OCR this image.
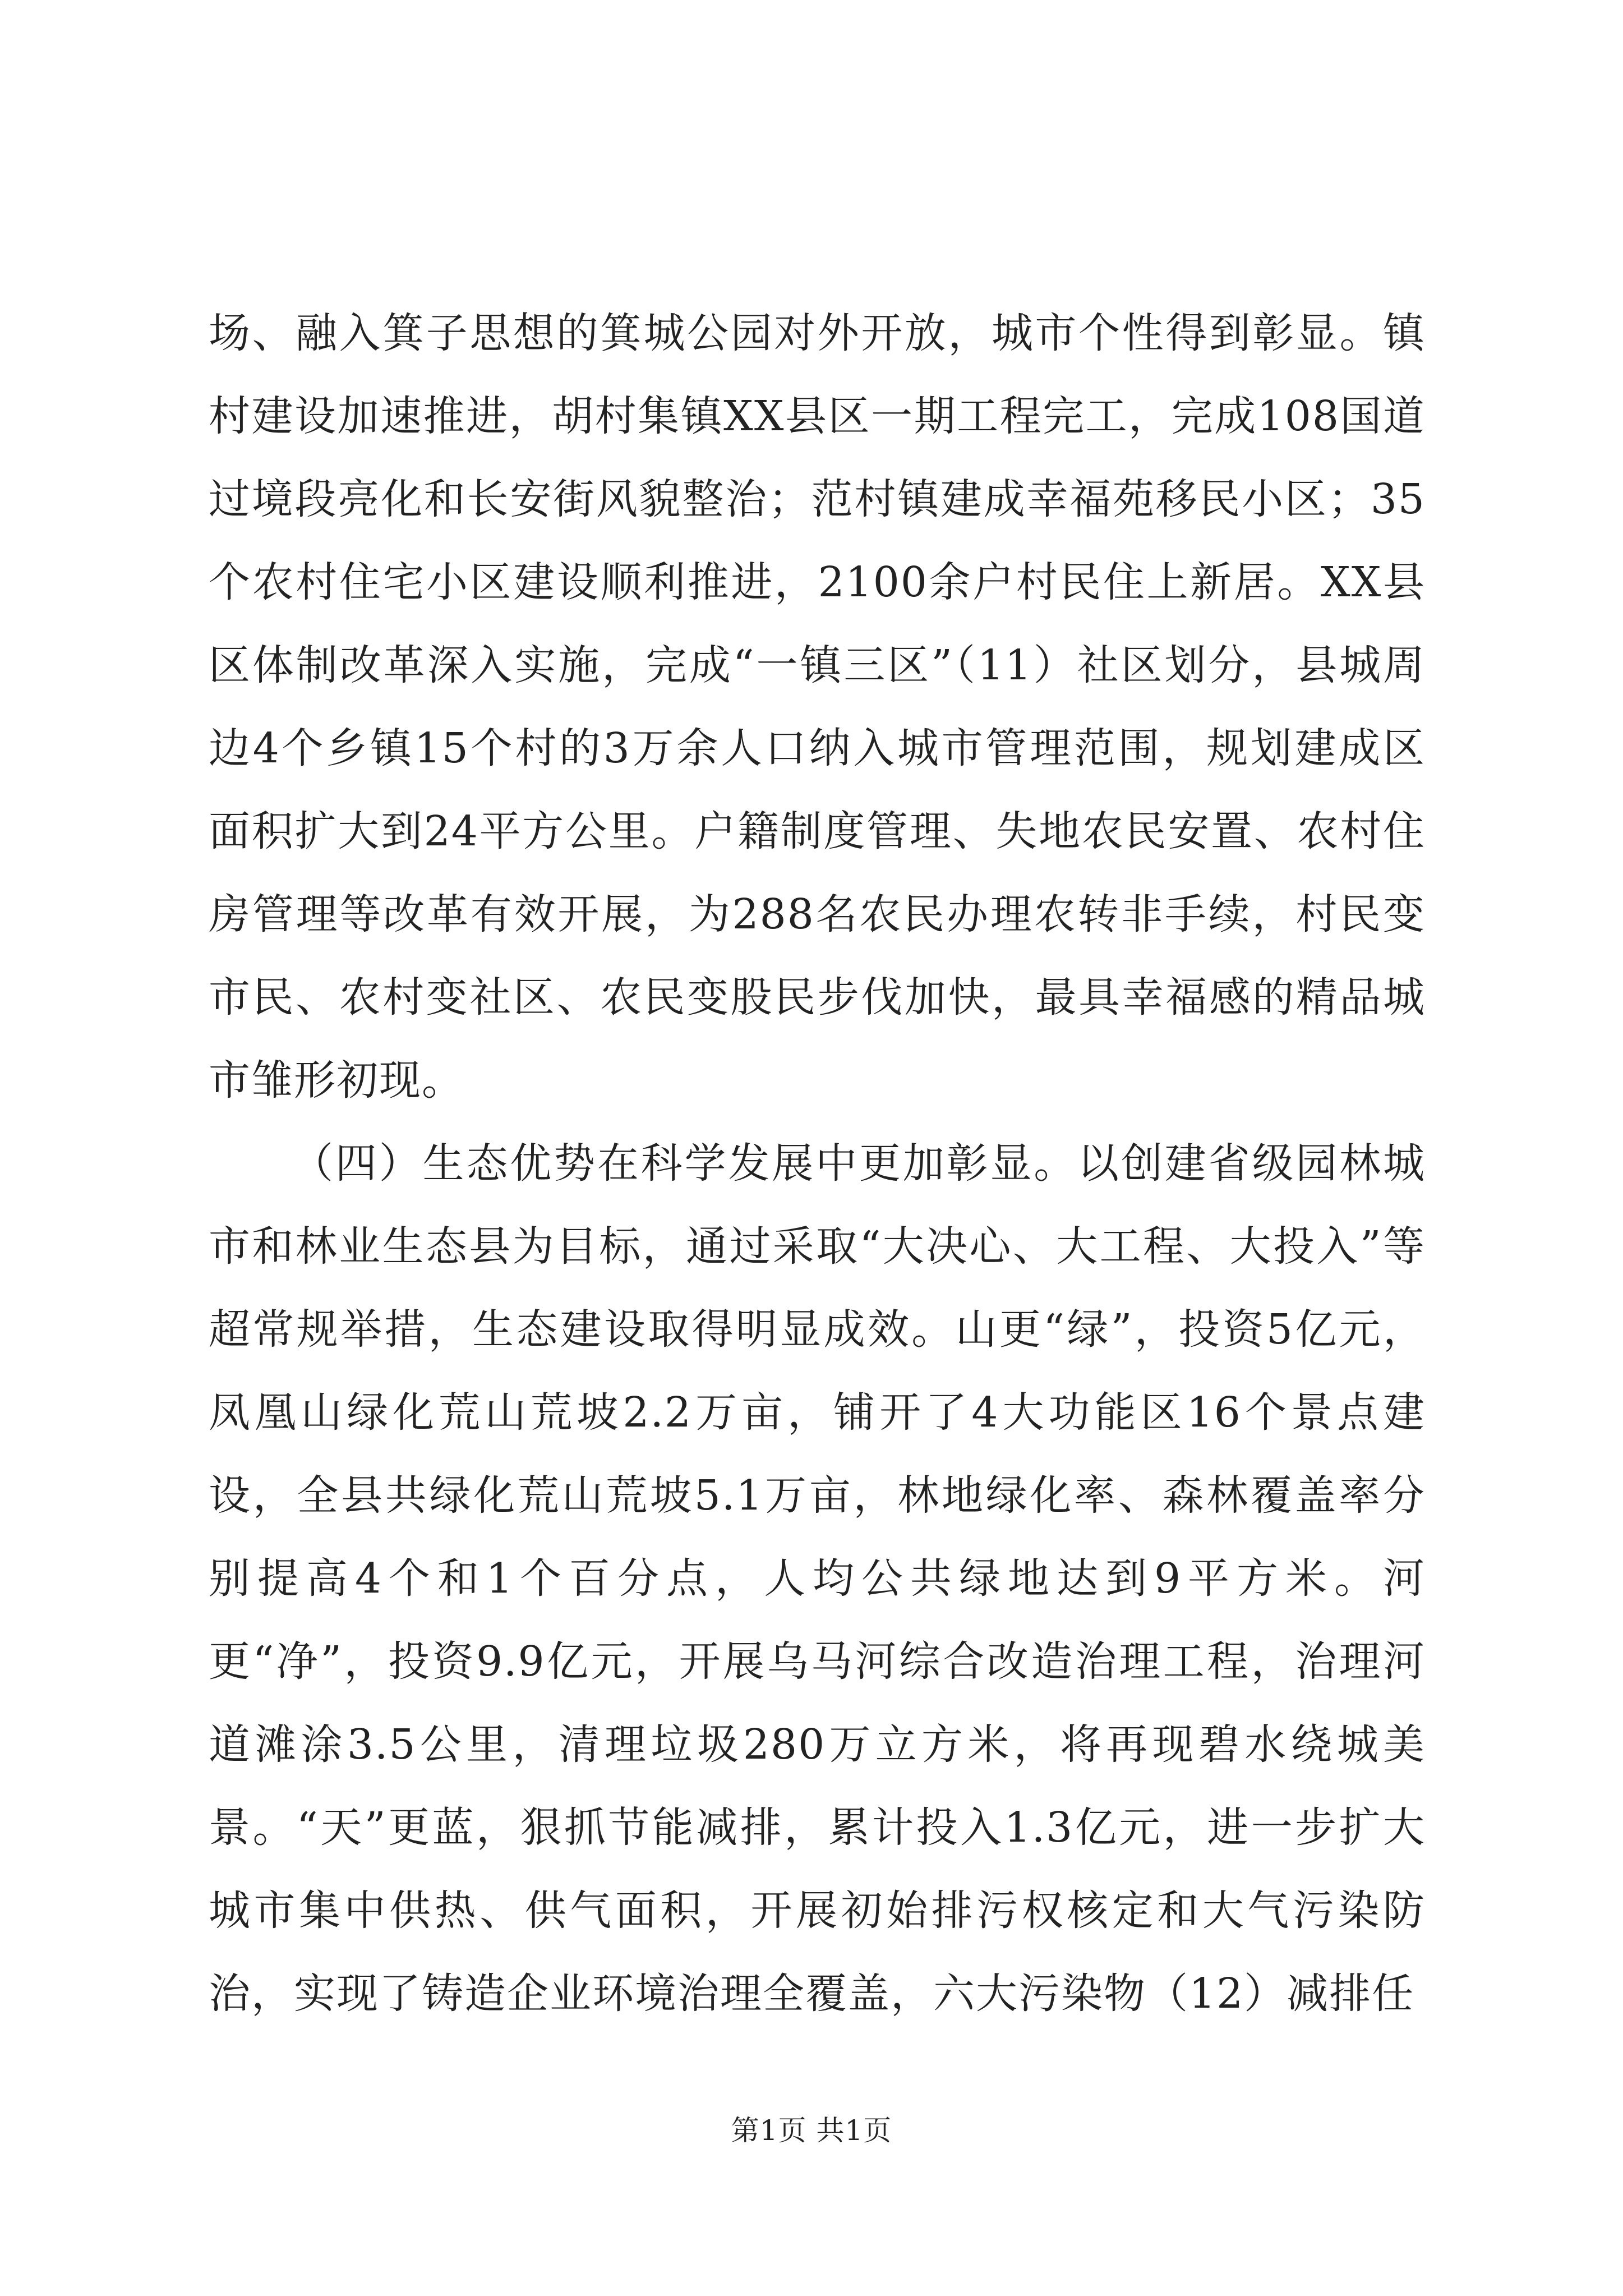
场、融入箕子思想的箕城公园对外开放，城市个性得到彰显。镇村建设加速推进，胡村集镇XX县区一期工程完工，完成108国道过境段亮化和长安街风貌整治；范村镇建成幸福苑移民小区；35个农村住宅小区建设顺利推进，2100余户村民住上新居。XX县区体制改革深入实施，完成“一镇三区”（11）社区划分，县城周边4个乡镇15个村的3万余人口纳入城市管理范围，规划建成区面积扩大到24平方公里。户籍制度管理、失地农民安置、农村住房管理等改革有效开展，为288名农民办理农转非手续，村民变市民、农村变社区、农民变股民步伐加快，最具幸福感的精品城市雏形初现。

（四）生态优势在科学发展中更加彰显。以创建省级园林城市和林业生态县为目标，通过采取“大决心、大工程、大投入”等超常规举措，生态建设取得明显成效。山更“绿”，投资5亿元，凤凰山绿化荒山荒坡2.2万亩，铺开了4大功能区16个景点建设，全县共绿化荒山荒坡5.1万亩，林地绿化率、森林覆盖率分别提高4个和1个百分点，人均公共绿地达到9平方米。河更“净”，投资9.9亿元，开展乌马河综合改造治理工程，治理河道滩涂3.5公里，清理垃圾280万立方米，将再现碧水绕城美景。“天”更蓝，狠抓节能减排，累计投入1.3亿元，进一步扩大城市集中供热、供气面积，开展初始排污权核定和大气污染防治，实现了铸造企业环境治理全覆盖，六大污染物（12）减排任

第1页 共1页
